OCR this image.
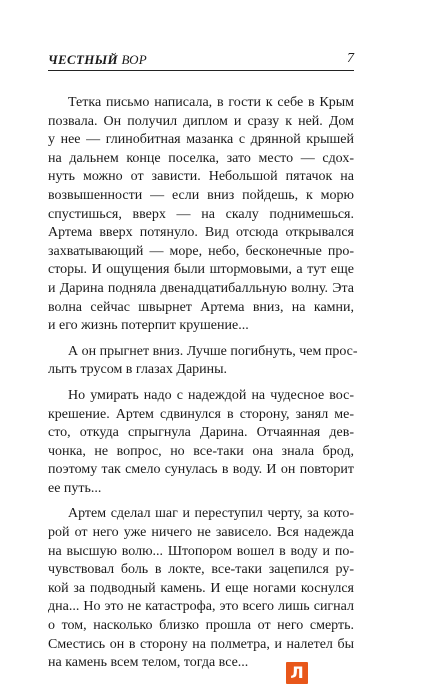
ЧЕСТНЫЙ ВОР	7

Тетка письмо написала, в гости к себе в Крым
позвала. Он получил диплом и сразу к ней. Дом
у нее — глинобитная мазанка с дрянной крышей
на дальнем конце поселка, зато место — сдох-
нуть можно от зависти. Небольшой пятачок на
возвышенности — если вниз пойдешь, к морю
спустишься, вверх — на скалу поднимешься.
Артема вверх потянуло. Вид отсюда открывался
захватывающий — море, небо, бесконечные про-
сторы. И ощущения были штормовыми, а тут еще
и Дарина подняла двенадцатибалльную волну. Эта
волна сейчас швырнет Артема вниз, на камни,
и его жизнь потерпит крушение...

А он прыгнет вниз. Лучше погибнуть, чем прос-
лыть трусом в глазах Дарины.

Но умирать надо с надеждой на чудесное вос-
крешение. Артем сдвинулся в сторону, занял ме-
сто, откуда спрыгнула Дарина. Отчаянная дев-
чонка, не вопрос, но все-таки она знала брод,
поэтому так смело сунулась в воду. И он повторит
ее путь...

Артем сделал шаг и переступил черту, за кото-
рой от него уже ничего не зависело. Вся надежда
на высшую волю... Штопором вошел в воду и по-
чувствовал боль в локте, все-таки зацепился ру-
кой за подводный камень. И еще ногами коснулся
дна... Но это не катастрофа, это всего лишь сигнал
о том, насколько близко прошла от него смерть.
Сместись он в сторону на полметра, и налетел бы
на камень всем телом, тогда все...

Л
